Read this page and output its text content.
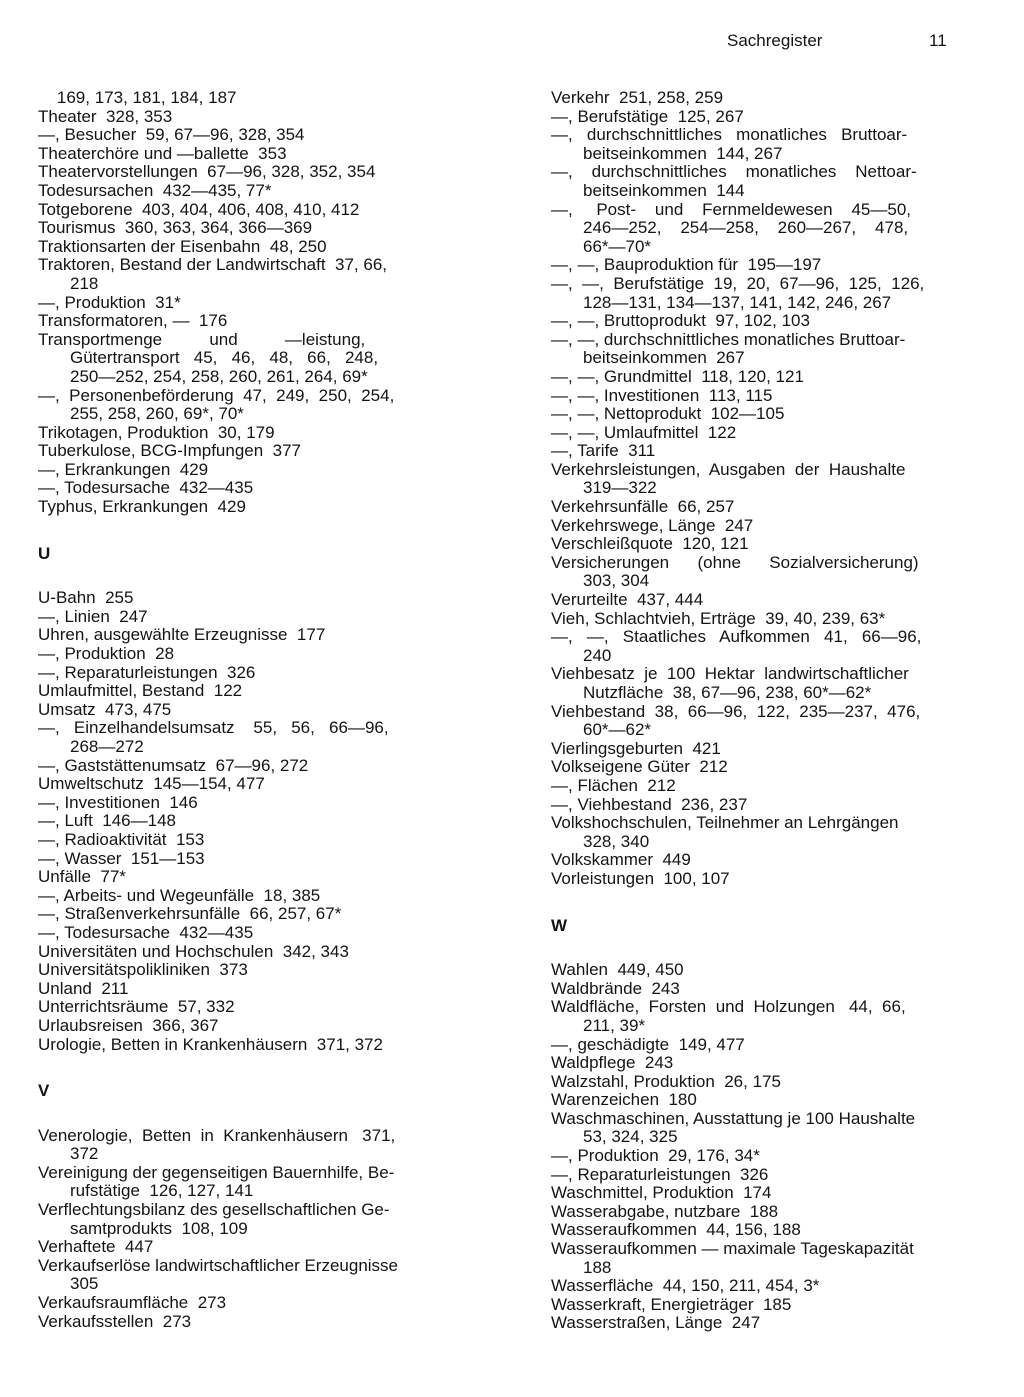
Sachregister	11
169, 173, 181, 184, 187
Theater  328, 353
—, Besucher  59, 67—96, 328, 354
Theaterchöre und —ballette  353
Theatervorstellungen  67—96, 328, 352, 354
Todesursachen  432—435, 77*
Totgeborene  403, 404, 406, 408, 410, 412
Tourismus  360, 363, 364, 366—369
Traktionsarten der Eisenbahn  48, 250
Traktoren, Bestand der Landwirtschaft  37, 66,
218
—, Produktion  31*
Transformatoren, —  176
Transportmenge          und          —leistung,
Gütertransport   45,   46,   48,   66,   248,
250—252, 254, 258, 260, 261, 264, 69*
—,  Personenbeförderung  47,  249,  250,  254,
255, 258, 260, 69*, 70*
Trikotagen, Produktion  30, 179
Tuberkulose, BCG-Impfungen  377
—, Erkrankungen  429
—, Todesursache  432—435
Typhus, Erkrankungen  429
U
U-Bahn  255
—, Linien  247
Uhren, ausgewählte Erzeugnisse  177
—, Produktion  28
—, Reparaturleistungen  326
Umlaufmittel, Bestand  122
Umsatz  473, 475
—,   Einzelhandelsumsatz    55,   56,   66—96,
268—272
—, Gaststättenumsatz  67—96, 272
Umweltschutz  145—154, 477
—, Investitionen  146
—, Luft  146—148
—, Radioaktivität  153
—, Wasser  151—153
Unfälle  77*
—, Arbeits- und Wegeunfälle  18, 385
—, Straßenverkehrsunfälle  66, 257, 67*
—, Todesursache  432—435
Universitäten und Hochschulen  342, 343
Universitätspolikliniken  373
Unland  211
Unterrichtsräume  57, 332
Urlaubsreisen  366, 367
Urologie, Betten in Krankenhäusern  371, 372
V
Venerologie,  Betten  in  Krankenhäusern   371,
372
Vereinigung der gegenseitigen Bauernhilfe, Be-
rufstätige  126, 127, 141
Verflechtungsbilanz des gesellschaftlichen Ge-
samtprodukts  108, 109
Verhaftete  447
Verkaufserlöse landwirtschaftlicher Erzeugnisse
305
Verkaufsraumfläche  273
Verkaufsstellen  273
Verkehr  251, 258, 259
—, Berufstätige  125, 267
—,   durchschnittliches   monatliches   Bruttoar-
beitseinkommen  144, 267
—,    durchschnittliches    monatliches    Nettoar-
beitseinkommen  144
—,     Post-    und    Fernmeldewesen    45—50,
246—252,    254—258,    260—267,    478,
66*—70*
—, —, Bauproduktion für  195—197
—,  —,  Berufstätige  19,  20,  67—96,  125,  126,
128—131, 134—137, 141, 142, 246, 267
—, —, Bruttoprodukt  97, 102, 103
—, —, durchschnittliches monatliches Bruttoar-
beitseinkommen  267
—, —, Grundmittel  118, 120, 121
—, —, Investitionen  113, 115
—, —, Nettoprodukt  102—105
—, —, Umlaufmittel  122
—, Tarife  311
Verkehrsleistungen,  Ausgaben  der  Haushalte
319—322
Verkehrsunfälle  66, 257
Verkehrswege, Länge  247
Verschleißquote  120, 121
Versicherungen      (ohne      Sozialversicherung)
303, 304
Verurteilte  437, 444
Vieh, Schlachtvieh, Erträge  39, 40, 239, 63*
—,   —,   Staatliches   Aufkommen   41,   66—96,
240
Viehbesatz  je  100  Hektar  landwirtschaftlicher
Nutzfläche  38, 67—96, 238, 60*—62*
Viehbestand  38,  66—96,  122,  235—237,  476,
60*—62*
Vierlingsgeburten  421
Volkseigene Güter  212
—, Flächen  212
—, Viehbestand  236, 237
Volkshochschulen, Teilnehmer an Lehrgängen
328, 340
Volkskammer  449
Vorleistungen  100, 107
W
Wahlen  449, 450
Waldbrände  243
Waldfläche,  Forsten  und  Holzungen   44,  66,
211, 39*
—, geschädigte  149, 477
Waldpflege  243
Walzstahl, Produktion  26, 175
Warenzeichen  180
Waschmaschinen, Ausstattung je 100 Haushalte
53, 324, 325
—, Produktion  29, 176, 34*
—, Reparaturleistungen  326
Waschmittel, Produktion  174
Wasserabgabe, nutzbare  188
Wasseraufkommen  44, 156, 188
Wasseraufkommen — maximale Tageskapazität
188
Wasserfläche  44, 150, 211, 454, 3*
Wasserkraft, Energieträger  185
Wasserstraßen, Länge  247
